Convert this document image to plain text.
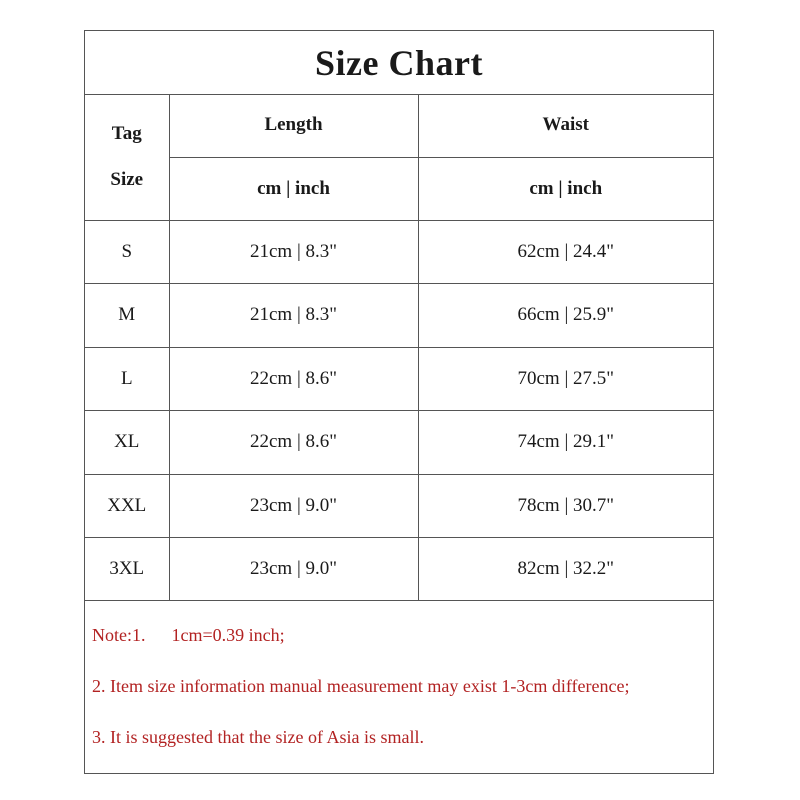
Size Chart
Tag
Size	Length	Waist
	cm | inch	cm | inch
S	21cm | 8.3"	62cm | 24.4"
M	21cm | 8.3"	66cm | 25.9"
L	22cm | 8.6"	70cm | 27.5"
XL	22cm | 8.6"	74cm | 29.1"
XXL	23cm | 9.0"	78cm | 30.7"
3XL	23cm | 9.0"	82cm | 32.2"
Note:1. 1cm=0.39 inch;
2. Item size information manual measurement may exist 1-3cm difference;
3. It is suggested that the size of Asia is small.
